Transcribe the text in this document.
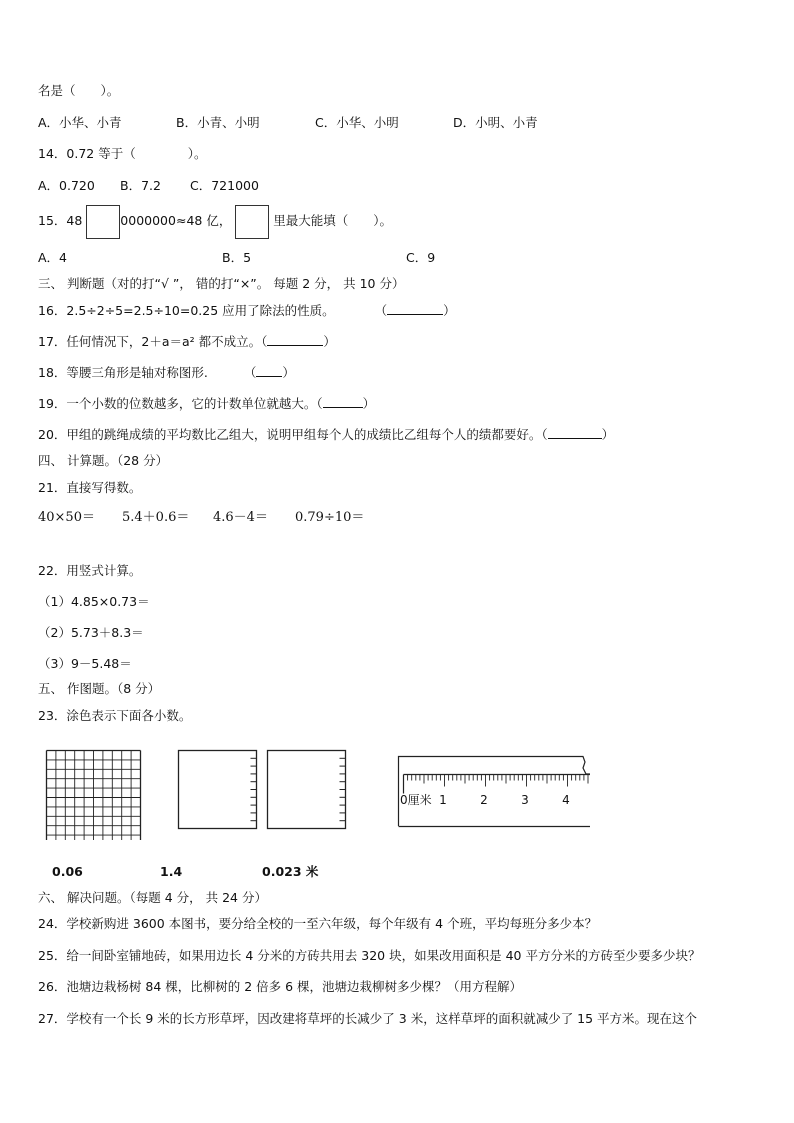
名是（　　）。
A．小华、小青	B．小青、小明	C．小华、小明	D．小明、小青
14．0.72 等于（	）。
A．0.720 B．7.2 C．721000
15．48	0000000≈48 亿，	里最大能填（　　）。
A．4	B．5	C．9
三、 判断题（对的打“√ ”， 错的打“×”。 每题 2 分， 共 10 分）
16．2.5÷2÷5=2.5÷10=0.25 应用了除法的性质。	（	）
17．任何情况下，2＋a＝a² 都不成立。（	）
18．等腰三角形是轴对称图形.	（ ）
19．一个小数的位数越多，它的计数单位就越大。（	）
20．甲组的跳绳成绩的平均数比乙组大，说明甲组每个人的成绩比乙组每个人的绩都要好。（	）
四、 计算题。（28 分）
21．直接写得数。
40×50＝ 5.4＋0.6＝ 4.6－4＝ 0.79÷10＝
22．用竖式计算。
（1）4.85×0.73＝
（2）5.73＋8.3＝
（3）9－5.48＝
五、 作图题。（8 分）
23．涂色表示下面各小数。
0厘米 1	2	3	4
0.06	1.4	0.023 米
六、 解决问题。（每题 4 分， 共 24 分）
24．学校新购进 3600 本图书，要分给全校的一至六年级，每个年级有 4 个班，平均每班分多少本？
25．给一间卧室铺地砖，如果用边长 4 分米的方砖共用去 320 块，如果改用面积是 40 平方分米的方砖至少要多少块？
26．池塘边栽杨树 84 棵，比柳树的 2 倍多 6 棵，池塘边栽柳树多少棵？（用方程解）
27．学校有一个长 9 米的长方形草坪，因改建将草坪的长减少了 3 米，这样草坪的面积就减少了 15 平方米。现在这个
